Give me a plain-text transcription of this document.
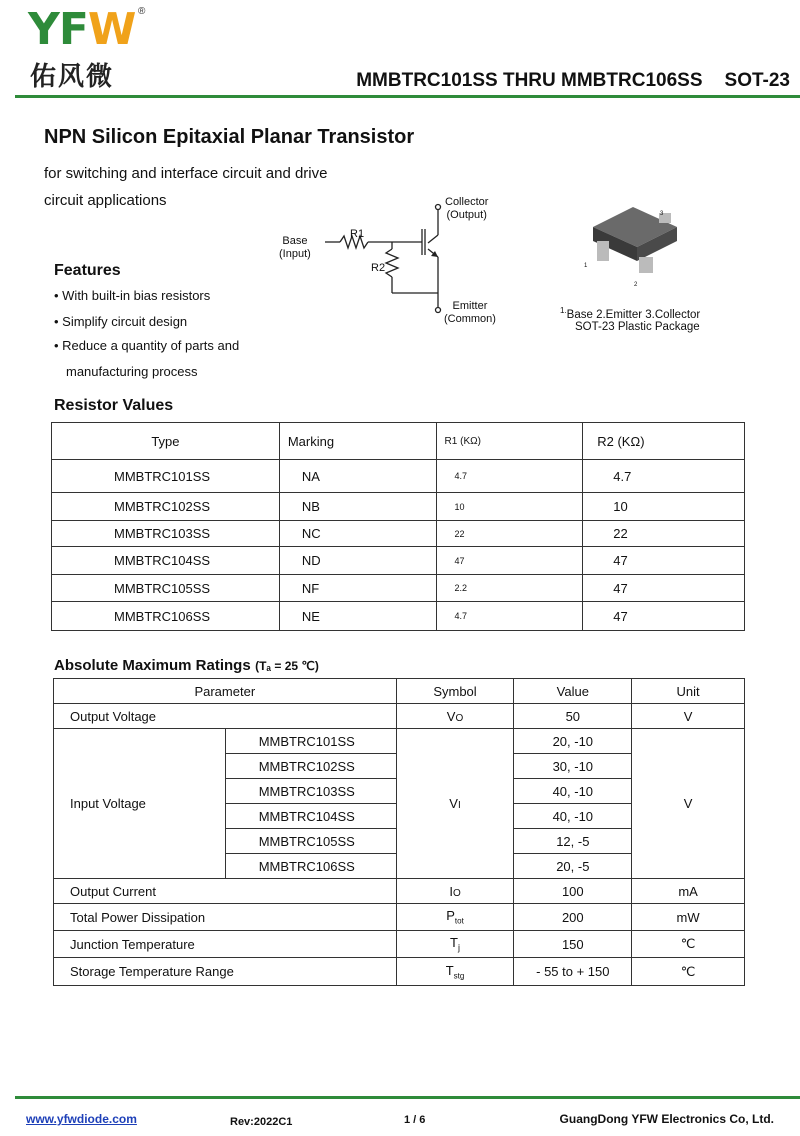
YFW ®
佑风微	MMBTRC101SS THRU MMBTRC106SS SOT-23
NPN Silicon Epitaxial Planar Transistor
for switching and interface circuit and drive
circuit applications	Collector
(Output)
Base
(Input)
R1
R2
Emitter
(Common)
1
2
3
$^{1.}$Base 2.Emitter 3.Collector
SOT-23 Plastic Package
Features
• With built-in bias resistors
• Simplify circuit design
• Reduce a quantity of parts and
manufacturing process
Resistor Values
Type	Marking	R1 (KΩ)	R2 (KΩ)
MMBTRC101SS	NA	4.7	4.7
MMBTRC102SS	NB	10	10
MMBTRC103SS	NC	22	22
MMBTRC104SS	ND	47	47
MMBTRC105SS	NF	2.2	47
MMBTRC106SS	NE	4.7	47
Absolute Maximum Ratings (Tₐ = 25 ℃)
Parameter		Symbol	Value	Unit
Output Voltage		VO	50	V
Input Voltage	MMBTRC101SS	VI	20, -10	V
	MMBTRC102SS		30, -10	
	MMBTRC103SS		40, -10	
	MMBTRC104SS		40, -10	
	MMBTRC105SS		12, -5	
	MMBTRC106SS		20, -5	
Output Current		IO	100	mA
Total Power Dissipation		$P_{tot}$	200	mW
Junction Temperature		$T_j$	150	℃
Storage Temperature Range		$T_{stg}$	- 55 to + 150	℃
www.yfwdiode.com	Rev:2022C1	1 / 6	GuangDong YFW Electronics Co, Ltd.
